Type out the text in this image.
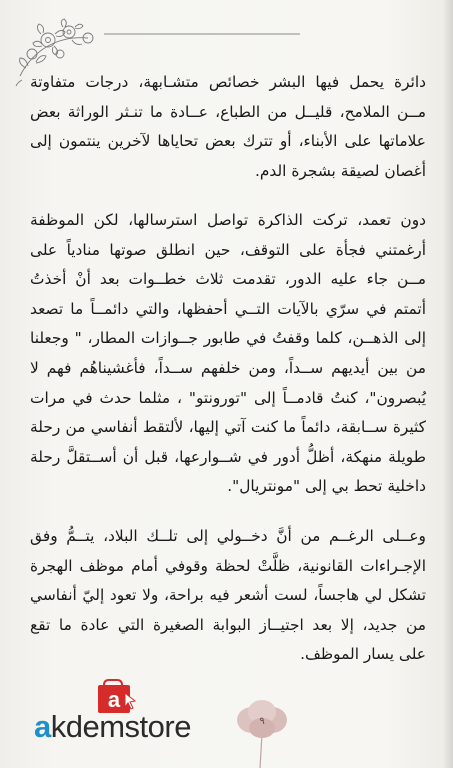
دائرة يحمل فيها البشر خصائص متشـابهة، درجات متفاوتة
مــن الملامح، قليــل من الطباع، عــادة ما تنـثر الوراثة بعض
علاماتها على الأبناء، أو تترك بعض تحاياها لآخرين ينتمون إلى
أغصان لصيقة بشجرة الدم.

دون تعمد، تركت الذاكرة تواصل استرسالها، لكن الموظفة
أرغمتني فجأة على التوقف، حين انطلق صوتها منادياً على
مــن جاء عليه الدور، تقدمت ثلاث خطــوات بعد أنْ أخذتُ
أتمتم في سرّي بالآيات التــي أحفظها، والتي دائمــاً ما تصعد
إلى الذهــن، كلما وقفتُ في طابور جــوازات المطار، " وجعلنا
من بين أيديهم ســداً، ومن خلفهم ســداً، فأغشيناهُم فهم لا
يُبصرون"، كنتُ قادمــاً إلى "تورونتو" ، مثلما حدث في مرات
كثيرة ســابقة، دائماً ما كنت آتي إليها، لألتقط أنفاسي من رحلة
طويلة منهكة، أظلُّ أدور في شــوارعها، قبل أن أســتقلَّ رحلة
داخلية تحط بي إلى "مونتريال".

وعــلى الرغــم من أنَّ دخــولي إلى تلــك البلاد، يتــمُّ وفق
الإجـراءات القانونية، ظلَّتْ لحظة وقوفي أمام موظف الهجرة
تشكل لي هاجساً، لست أشعر فيه براحة، ولا تعود إليّ أنفاسي
من جديد، إلا بعد اجتيــاز البوابة الصغيرة التي عادة ما تقع
على يسار الموظف.

a
akdemstore	٩
